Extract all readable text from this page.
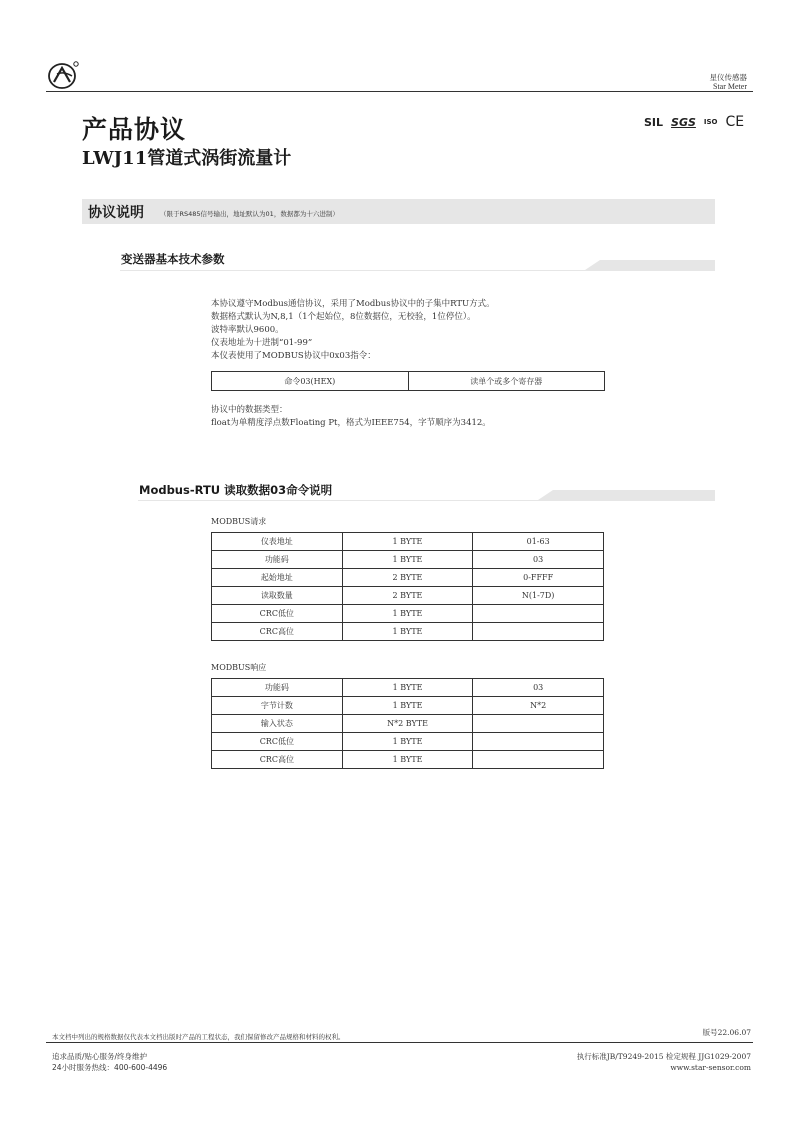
星仪传感器
Star Meter
产品协议
LWJ11管道式涡街流量计
SIL SGS ISO CE
协议说明 （限于RS485信号输出，地址默认为01，数据都为十六进制）
变送器基本技术参数
本协议遵守Modbus通信协议，采用了Modbus协议中的子集中RTU方式。
数据格式默认为N,8,1（1个起始位，8位数据位，无校验，1位停位）。
波特率默认9600。
仪表地址为十进制“01-99”
本仪表使用了MODBUS协议中0x03指令：
命令03(HEX)	读单个或多个寄存器
协议中的数据类型：
float为单精度浮点数Floating Pt，格式为IEEE754，字节顺序为3412。
Modbus-RTU 读取数据03命令说明
MODBUS请求
仪表地址	1 BYTE	01-63
功能码	1 BYTE	03
起始地址	2 BYTE	0-FFFF
读取数量	2 BYTE	N(1-7D)
CRC低位	1 BYTE	
CRC高位	1 BYTE	
MODBUS响应
功能码	1 BYTE	03
字节计数	1 BYTE	N*2
输入状态	N*2 BYTE	
CRC低位	1 BYTE	
CRC高位	1 BYTE	
版号22.06.07
本文档中列出的规格数据仅代表本文档出版时产品的工程状态，我们保留修改产品规格和材料的权利。
追求品质/贴心服务/终身维护
24小时服务热线：400-600-4496
执行标准JB/T9249-2015 检定规程 JJG1029-2007
www.star-sensor.com
